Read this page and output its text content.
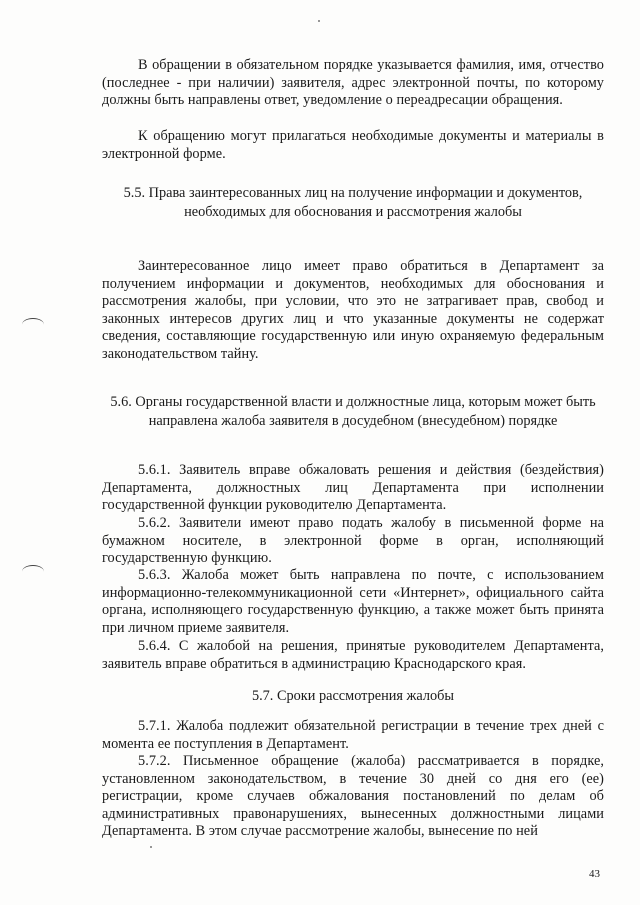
В обращении в обязательном порядке указывается фамилия, имя, отчество (последнее - при наличии) заявителя, адрес электронной почты, по которому должны быть направлены ответ, уведомление о переадресации обращения.

К обращению могут прилагаться необходимые документы и материалы в электронной форме.

5.5. Права заинтересованных лиц на получение информации и документов, необходимых для обоснования и рассмотрения жалобы

Заинтересованное лицо имеет право обратиться в Департамент за получением информации и документов, необходимых для обоснования и рассмотрения жалобы, при условии, что это не затрагивает прав, свобод и законных интересов других лиц и что указанные документы не содержат сведения, составляющие государственную или иную охраняемую федеральным законодательством тайну.

5.6. Органы государственной власти и должностные лица, которым может быть направлена жалоба заявителя в досудебном (внесудебном) порядке

5.6.1. Заявитель вправе обжаловать решения и действия (бездействия) Департамента, должностных лиц Департамента при исполнении государственной функции руководителю Департамента.

5.6.2. Заявители имеют право подать жалобу в письменной форме на бумажном носителе, в электронной форме в орган, исполняющий государственную функцию.

5.6.3. Жалоба может быть направлена по почте, с использованием информационно-телекоммуникационной сети «Интернет», официального сайта органа, исполняющего государственную функцию, а также может быть принята при личном приеме заявителя.

5.6.4. С жалобой на решения, принятые руководителем Департамента, заявитель вправе обратиться в администрацию Краснодарского края.

5.7. Сроки рассмотрения жалобы

5.7.1. Жалоба подлежит обязательной регистрации в течение трех дней с момента ее поступления в Департамент.

5.7.2. Письменное обращение (жалоба) рассматривается в порядке, установленном законодательством, в течение 30 дней со дня его (ее) регистрации, кроме случаев обжалования постановлений по делам об административных правонарушениях, вынесенных должностными лицами Департамента. В этом случае рассмотрение жалобы, вынесение по ней

43
